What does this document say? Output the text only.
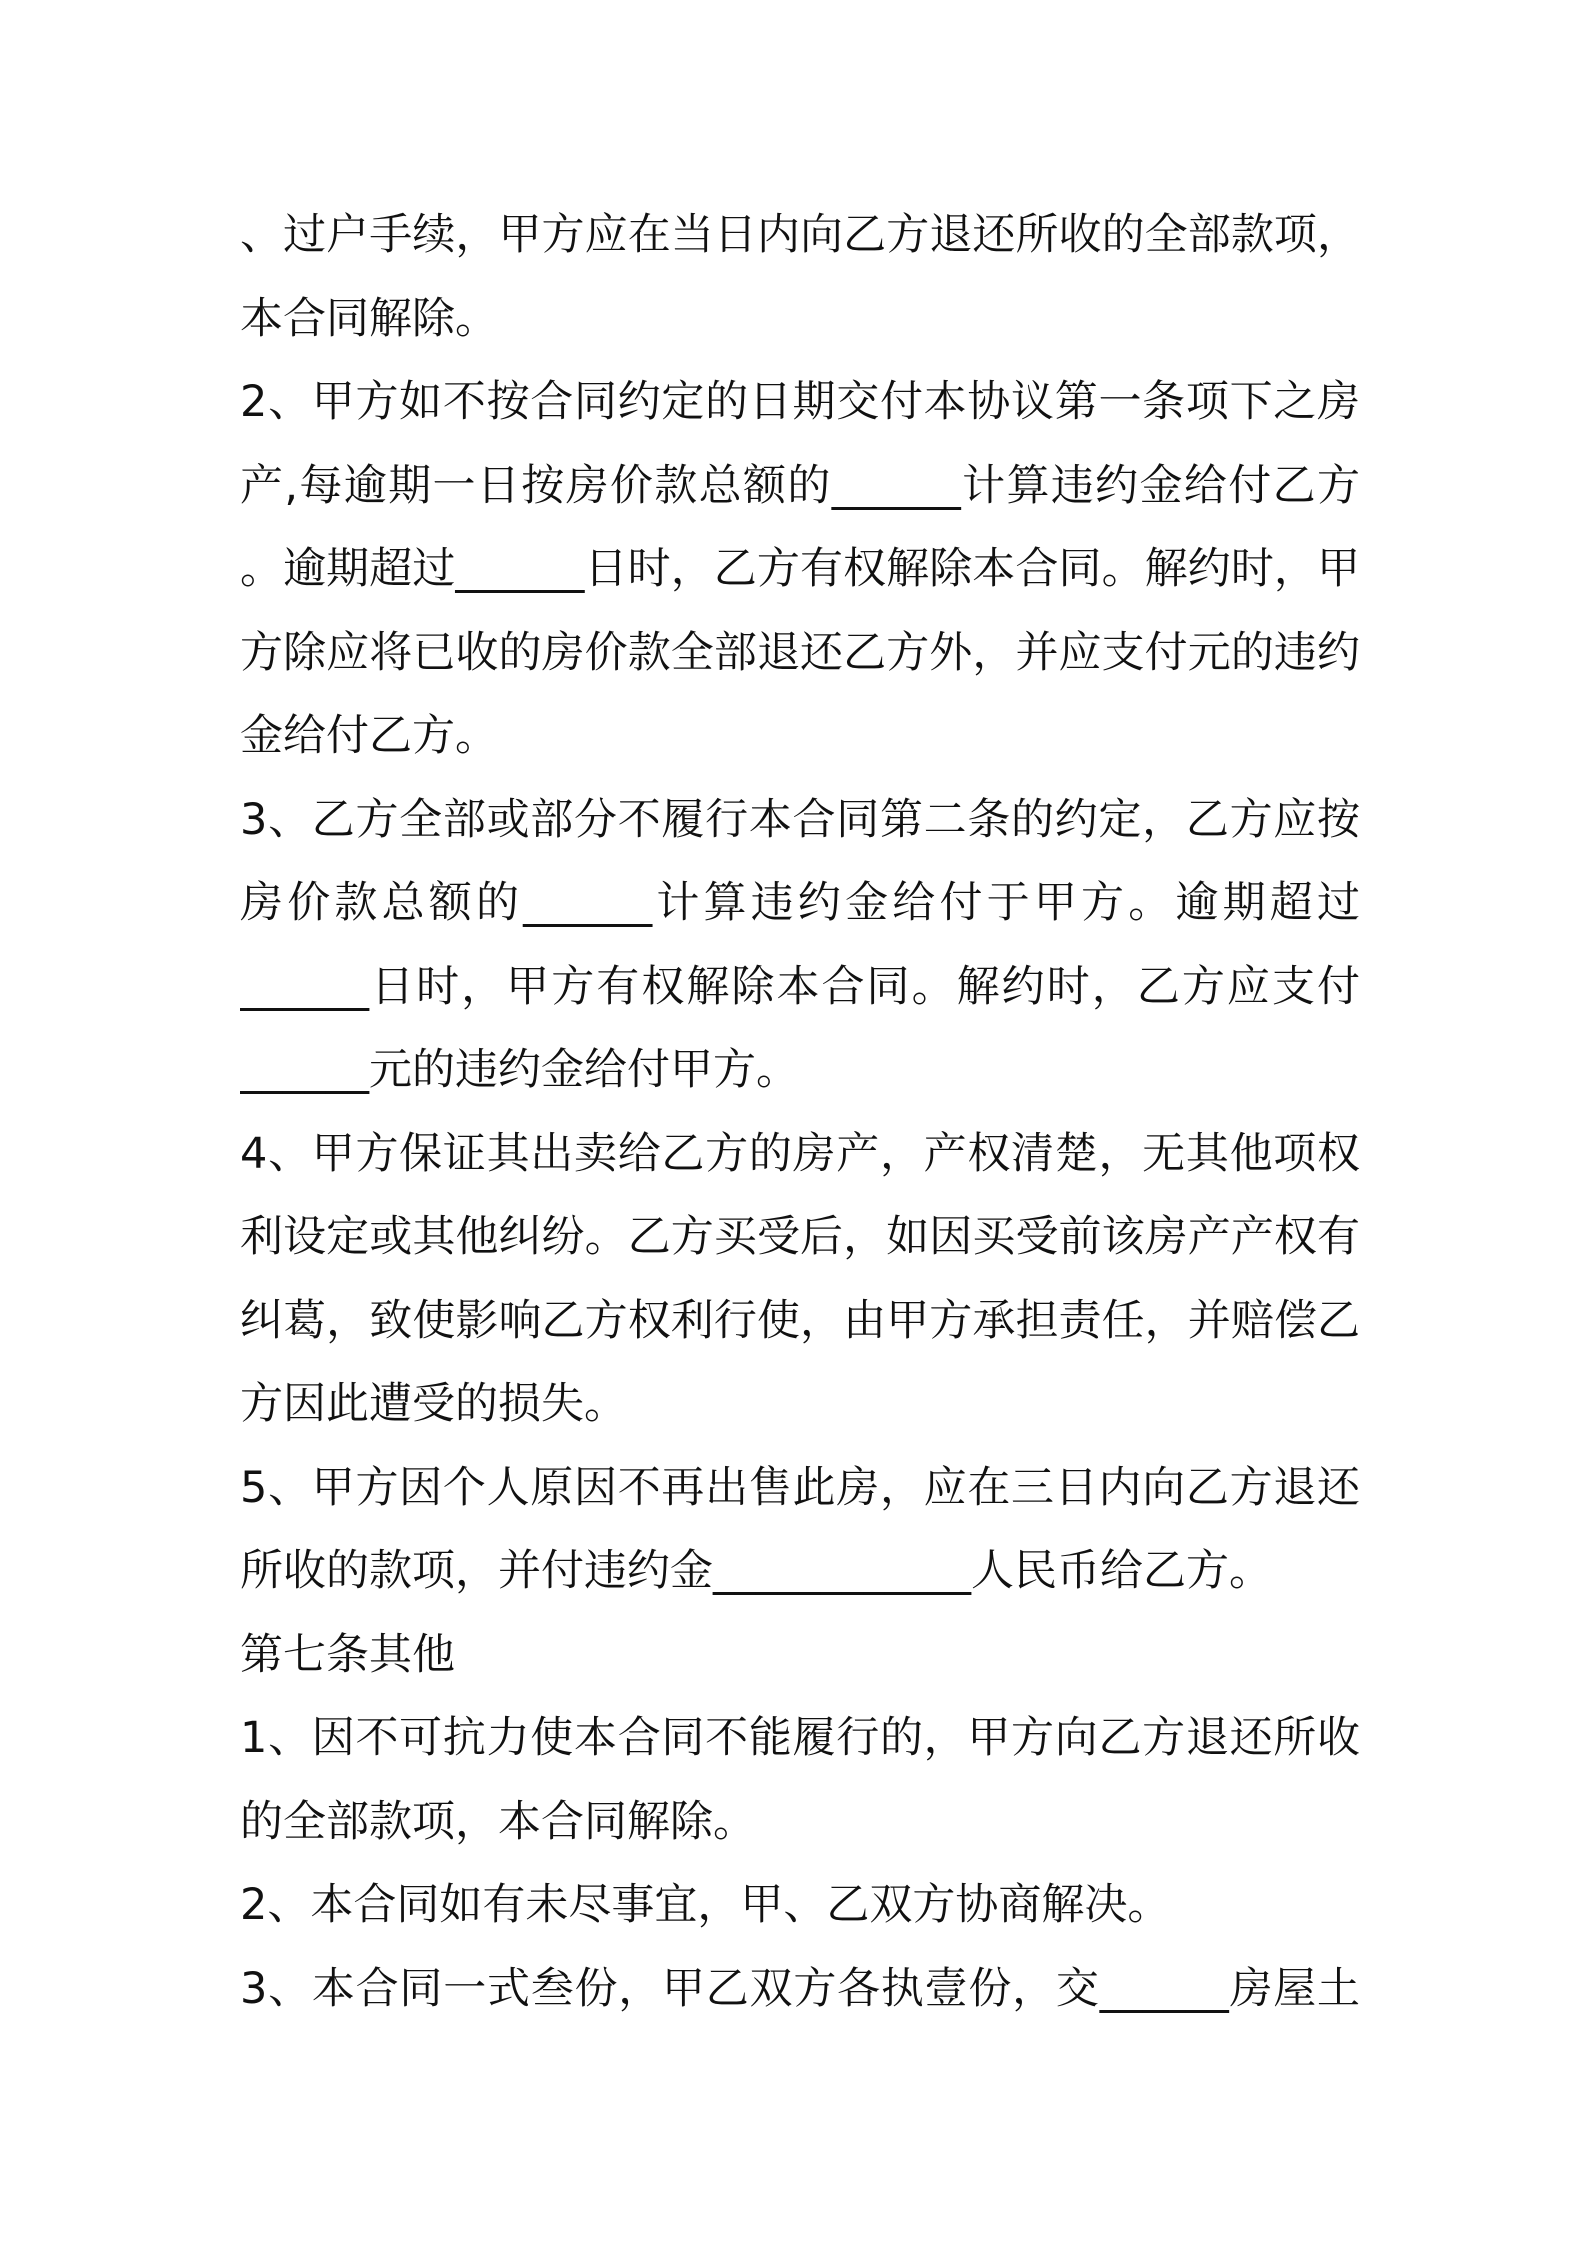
、过户手续，甲方应在当日内向乙方退还所收的全部款项，
本合同解除。
2、甲方如不按合同约定的日期交付本协议第一条项下之房
产,每逾期一日按房价款总额的______计算违约金给付乙方
。逾期超过______日时，乙方有权解除本合同。解约时，甲
方除应将已收的房价款全部退还乙方外，并应支付元的违约
金给付乙方。
3、乙方全部或部分不履行本合同第二条的约定，乙方应按
房价款总额的______计算违约金给付于甲方。逾期超过
______日时，甲方有权解除本合同。解约时，乙方应支付
______元的违约金给付甲方。
4、甲方保证其出卖给乙方的房产，产权清楚，无其他项权
利设定或其他纠纷。乙方买受后，如因买受前该房产产权有
纠葛，致使影响乙方权利行使，由甲方承担责任，并赔偿乙
方因此遭受的损失。
5、甲方因个人原因不再出售此房，应在三日内向乙方退还
所收的款项，并付违约金____________人民币给乙方。
第七条其他
1、因不可抗力使本合同不能履行的，甲方向乙方退还所收
的全部款项，本合同解除。
2、本合同如有未尽事宜，甲、乙双方协商解决。
3、本合同一式叁份，甲乙双方各执壹份，交______房屋土
